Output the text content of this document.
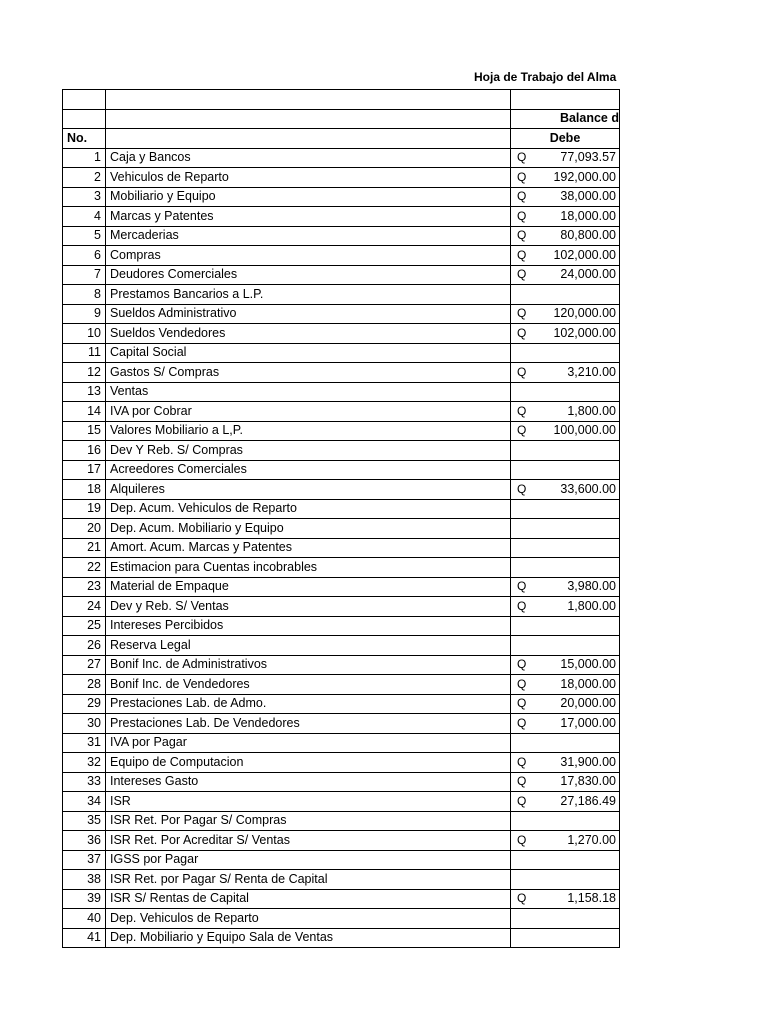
Hoja de Trabajo del Alma

		Balance d
No.		Debe
1	Caja y Bancos	Q 77,093.57

2	Vehiculos de Reparto	Q 192,000.00

3	Mobiliario y Equipo	Q 38,000.00

4	Marcas y Patentes	Q 18,000.00

5	Mercaderias	Q 80,800.00

6	Compras	Q 102,000.00

7	Deudores Comerciales	Q 24,000.00

8	Prestamos Bancarios a L.P.	
9	Sueldos Administrativo	Q 120,000.00

10	Sueldos Vendedores	Q 102,000.00

11	Capital Social	
12	Gastos S/ Compras	Q 3,210.00

13	Ventas	
14	IVA por Cobrar	Q 1,800.00

15	Valores Mobiliario a L,P.	Q 100,000.00

16	Dev Y Reb. S/ Compras	
17	Acreedores Comerciales	
18	Alquileres	Q 33,600.00

19	Dep. Acum. Vehiculos de Reparto	
20	Dep. Acum. Mobiliario y Equipo	
21	Amort. Acum. Marcas y Patentes	
22	Estimacion para Cuentas incobrables	
23	Material de Empaque	Q 3,980.00

24	Dev y Reb. S/ Ventas	Q 1,800.00

25	Intereses Percibidos	
26	Reserva Legal	
27	Bonif Inc. de Administrativos	Q 15,000.00

28	Bonif Inc. de Vendedores	Q 18,000.00

29	Prestaciones Lab. de Admo.	Q 20,000.00

30	Prestaciones Lab. De Vendedores	Q 17,000.00

31	IVA por Pagar	
32	Equipo de Computacion	Q 31,900.00

33	Intereses Gasto	Q 17,830.00

34	ISR	Q 27,186.49

35	ISR Ret. Por Pagar S/ Compras	
36	ISR Ret. Por Acreditar S/ Ventas	Q 1,270.00

37	IGSS por Pagar	
38	ISR Ret. por Pagar S/ Renta de Capital	
39	ISR S/ Rentas de Capital	Q 1,158.18

40	Dep. Vehiculos de Reparto	
41	Dep. Mobiliario y Equipo Sala de Ventas	
